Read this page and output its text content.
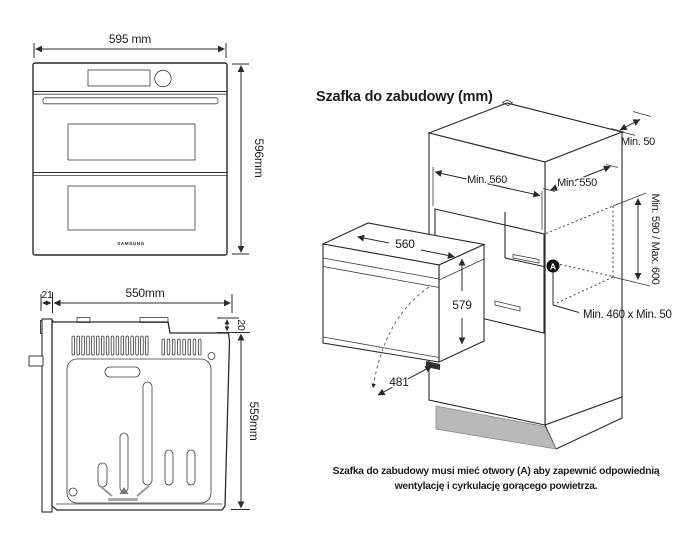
SAMSUNG
595 mm
596mm
21	550mm
20
559mm
Szafka do zabudowy (mm)
Min. 560	Min. 550
Min. 50
Min. 590 / Max. 600
560
579
481
A
Min. 460 x Min. 50
Szafka do zabudowy musi mieć otwory (A) aby zapewnić odpowiednią
wentylację i cyrkulację gorącego powietrza.
